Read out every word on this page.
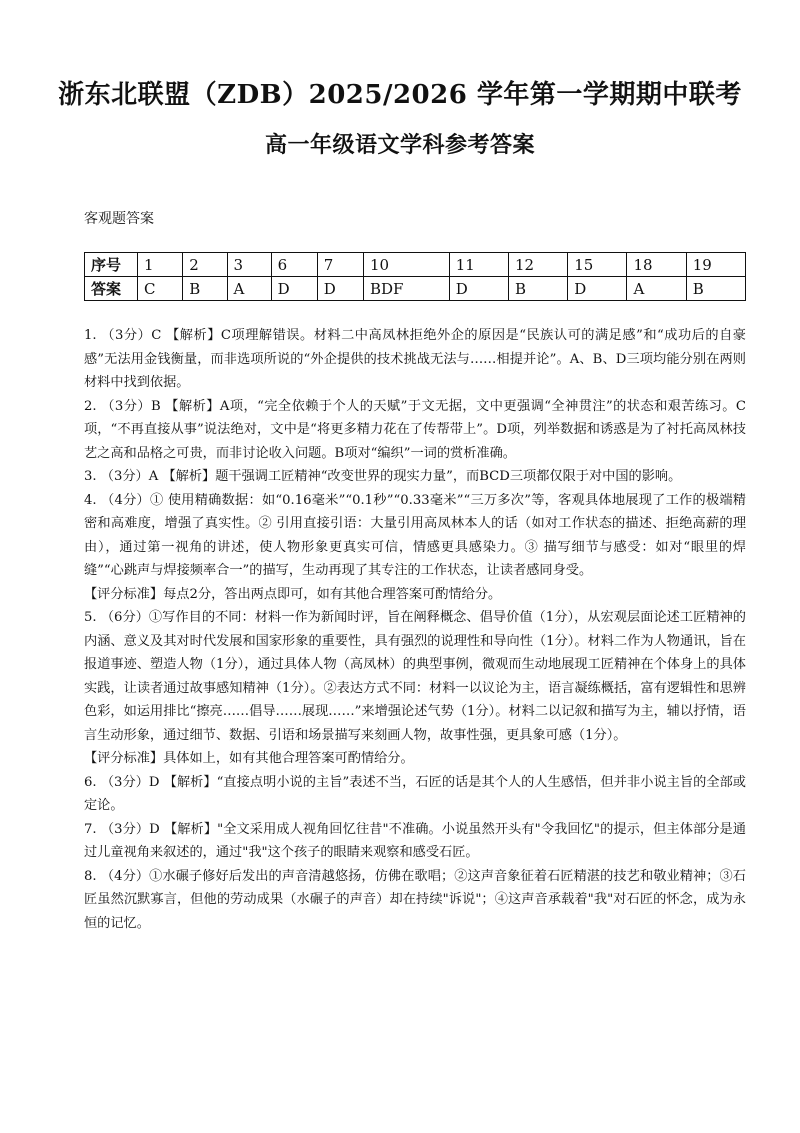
浙东北联盟（ZDB）2025/2026 学年第一学期期中联考
高一年级语文学科参考答案
客观题答案
序号	1	2	3	6	7	10	11	12	15	18	19
答案	C	B	A	D	D	BDF	D	B	D	A	B

1. （3分）C 【解析】C项理解错误。材料二中高凤林拒绝外企的原因是“民族认可的满足感”和“成功后的自豪感”无法用金钱衡量，而非选项所说的“外企提供的技术挑战无法与……相提并论”。A、B、D三项均能分别在两则材料中找到依据。

2. （3分）B 【解析】A项，“完全依赖于个人的天赋”于文无据，文中更强调“全神贯注”的状态和艰苦练习。C项，“不再直接从事”说法绝对，文中是“将更多精力花在了传帮带上”。D项，列举数据和诱惑是为了衬托高凤林技艺之高和品格之可贵，而非讨论收入问题。B项对“编织”一词的赏析准确。

3. （3分）A 【解析】题干强调工匠精神“改变世界的现实力量”，而BCD三项都仅限于对中国的影响。

4. （4分）① 使用精确数据：如“0.16毫米”“0.1秒”“0.33毫米”“三万多次”等，客观具体地展现了工作的极端精密和高难度，增强了真实性。② 引用直接引语：大量引用高凤林本人的话（如对工作状态的描述、拒绝高薪的理由），通过第一视角的讲述，使人物形象更真实可信，情感更具感染力。③ 描写细节与感受：如对“眼里的焊缝”“心跳声与焊接频率合一”的描写，生动再现了其专注的工作状态，让读者感同身受。

【评分标准】每点2分，答出两点即可，如有其他合理答案可酌情给分。

5. （6分）①写作目的不同：材料一作为新闻时评，旨在阐释概念、倡导价值（1分），从宏观层面论述工匠精神的内涵、意义及其对时代发展和国家形象的重要性，具有强烈的说理性和导向性（1分）。材料二作为人物通讯，旨在报道事迹、塑造人物（1分），通过具体人物（高凤林）的典型事例，微观而生动地展现工匠精神在个体身上的具体实践，让读者通过故事感知精神（1分）。②表达方式不同：材料一以议论为主，语言凝练概括，富有逻辑性和思辨色彩，如运用排比“擦亮……倡导……展现……”来增强论述气势（1分）。材料二以记叙和描写为主，辅以抒情，语言生动形象，通过细节、数据、引语和场景描写来刻画人物，故事性强，更具象可感（1分）。

【评分标准】具体如上，如有其他合理答案可酌情给分。

6. （3分）D 【解析】“直接点明小说的主旨”表述不当，石匠的话是其个人的人生感悟，但并非小说主旨的全部或定论。

7. （3分）D 【解析】"全文采用成人视角回忆往昔"不准确。小说虽然开头有"令我回忆"的提示，但主体部分是通过儿童视角来叙述的，通过"我"这个孩子的眼睛来观察和感受石匠。

8. （4分）①水碾子修好后发出的声音清越悠扬，仿佛在歌唱；②这声音象征着石匠精湛的技艺和敬业精神；③石匠虽然沉默寡言，但他的劳动成果（水碾子的声音）却在持续"诉说"；④这声音承载着"我"对石匠的怀念，成为永恒的记忆。
